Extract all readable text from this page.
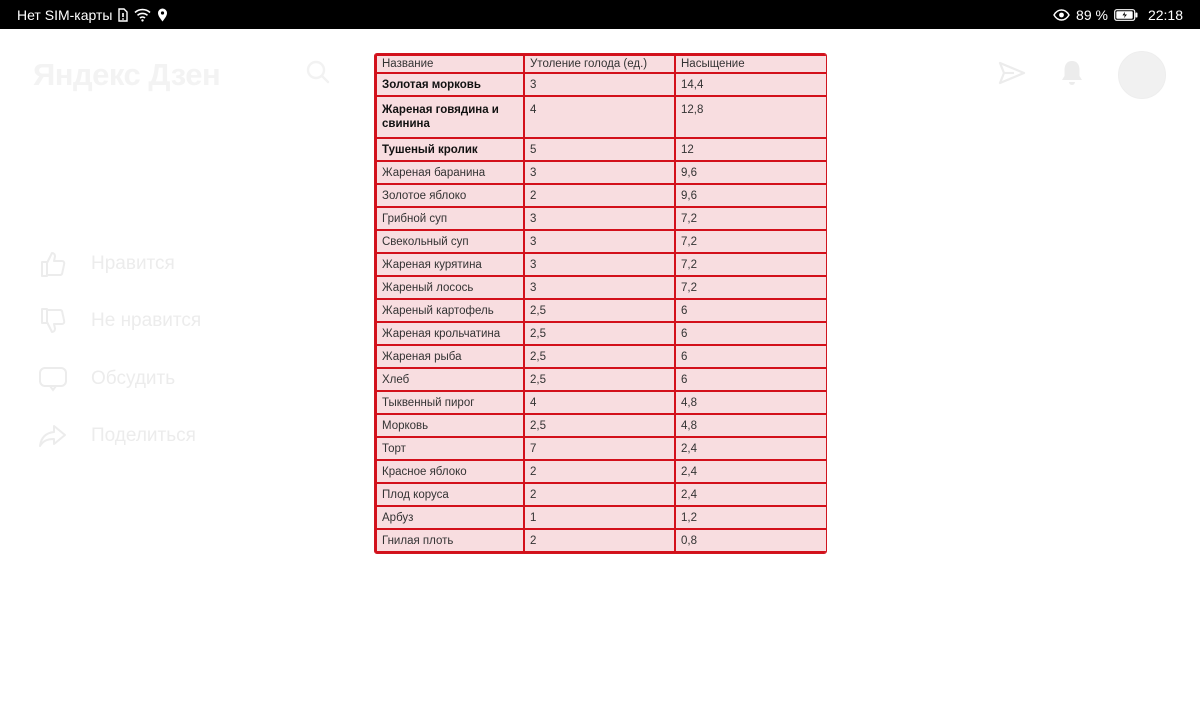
Нет SIM-карты	89 %	22:18
Яндекс Дзен
Нравится
Не нравится
Обсудить
Поделиться
Название	Утоление голода (ед.)	Насыщение
Золотая морковь	3	14,4
Жареная говядина и свинина	4	12,8
Тушеный кролик	5	12
Жареная баранина	3	9,6
Золотое яблоко	2	9,6
Грибной суп	3	7,2
Свекольный суп	3	7,2
Жареная курятина	3	7,2
Жареный лосось	3	7,2
Жареный картофель	2,5	6
Жареная крольчатина	2,5	6
Жареная рыба	2,5	6
Хлеб	2,5	6
Тыквенный пирог	4	4,8
Морковь	2,5	4,8
Торт	7	2,4
Красное яблоко	2	2,4
Плод коруса	2	2,4
Арбуз	1	1,2
Гнилая плоть	2	0,8
